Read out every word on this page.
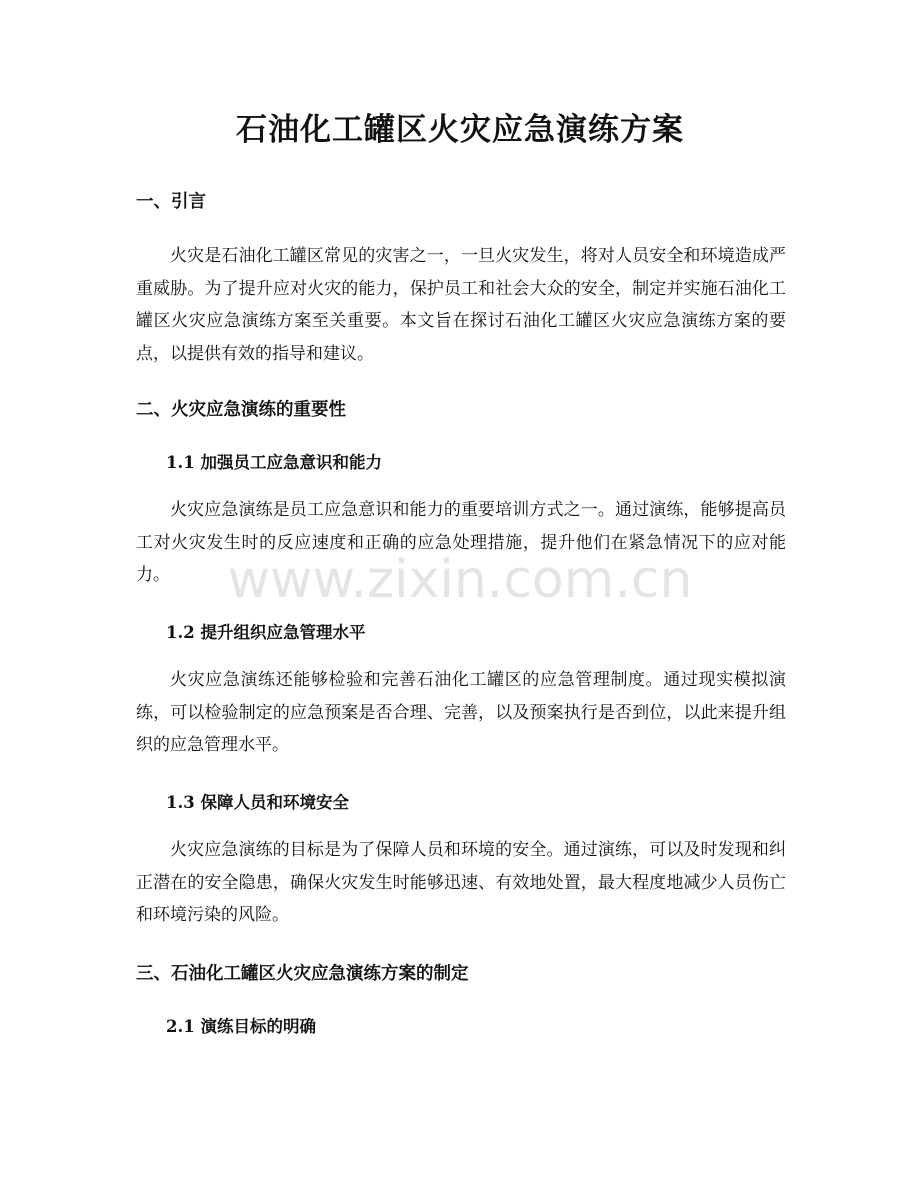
石油化工罐区火灾应急演练方案
一、引言

火灾是石油化工罐区常见的灾害之一，一旦火灾发生，将对人员安全和环境造成严重威胁。为了提升应对火灾的能力，保护员工和社会大众的安全，制定并实施石油化工罐区火灾应急演练方案至关重要。本文旨在探讨石油化工罐区火灾应急演练方案的要点，以提供有效的指导和建议。

二、火灾应急演练的重要性
1.1 加强员工应急意识和能力

火灾应急演练是员工应急意识和能力的重要培训方式之一。通过演练，能够提高员工对火灾发生时的反应速度和正确的应急处理措施，提升他们在紧急情况下的应对能力。

1.2 提升组织应急管理水平

火灾应急演练还能够检验和完善石油化工罐区的应急管理制度。通过现实模拟演练，可以检验制定的应急预案是否合理、完善，以及预案执行是否到位，以此来提升组织的应急管理水平。

1.3 保障人员和环境安全

火灾应急演练的目标是为了保障人员和环境的安全。通过演练，可以及时发现和纠正潜在的安全隐患，确保火灾发生时能够迅速、有效地处置，最大程度地减少人员伤亡和环境污染的风险。

三、石油化工罐区火灾应急演练方案的制定
2.1 演练目标的明确
www.zixin.com.cn
